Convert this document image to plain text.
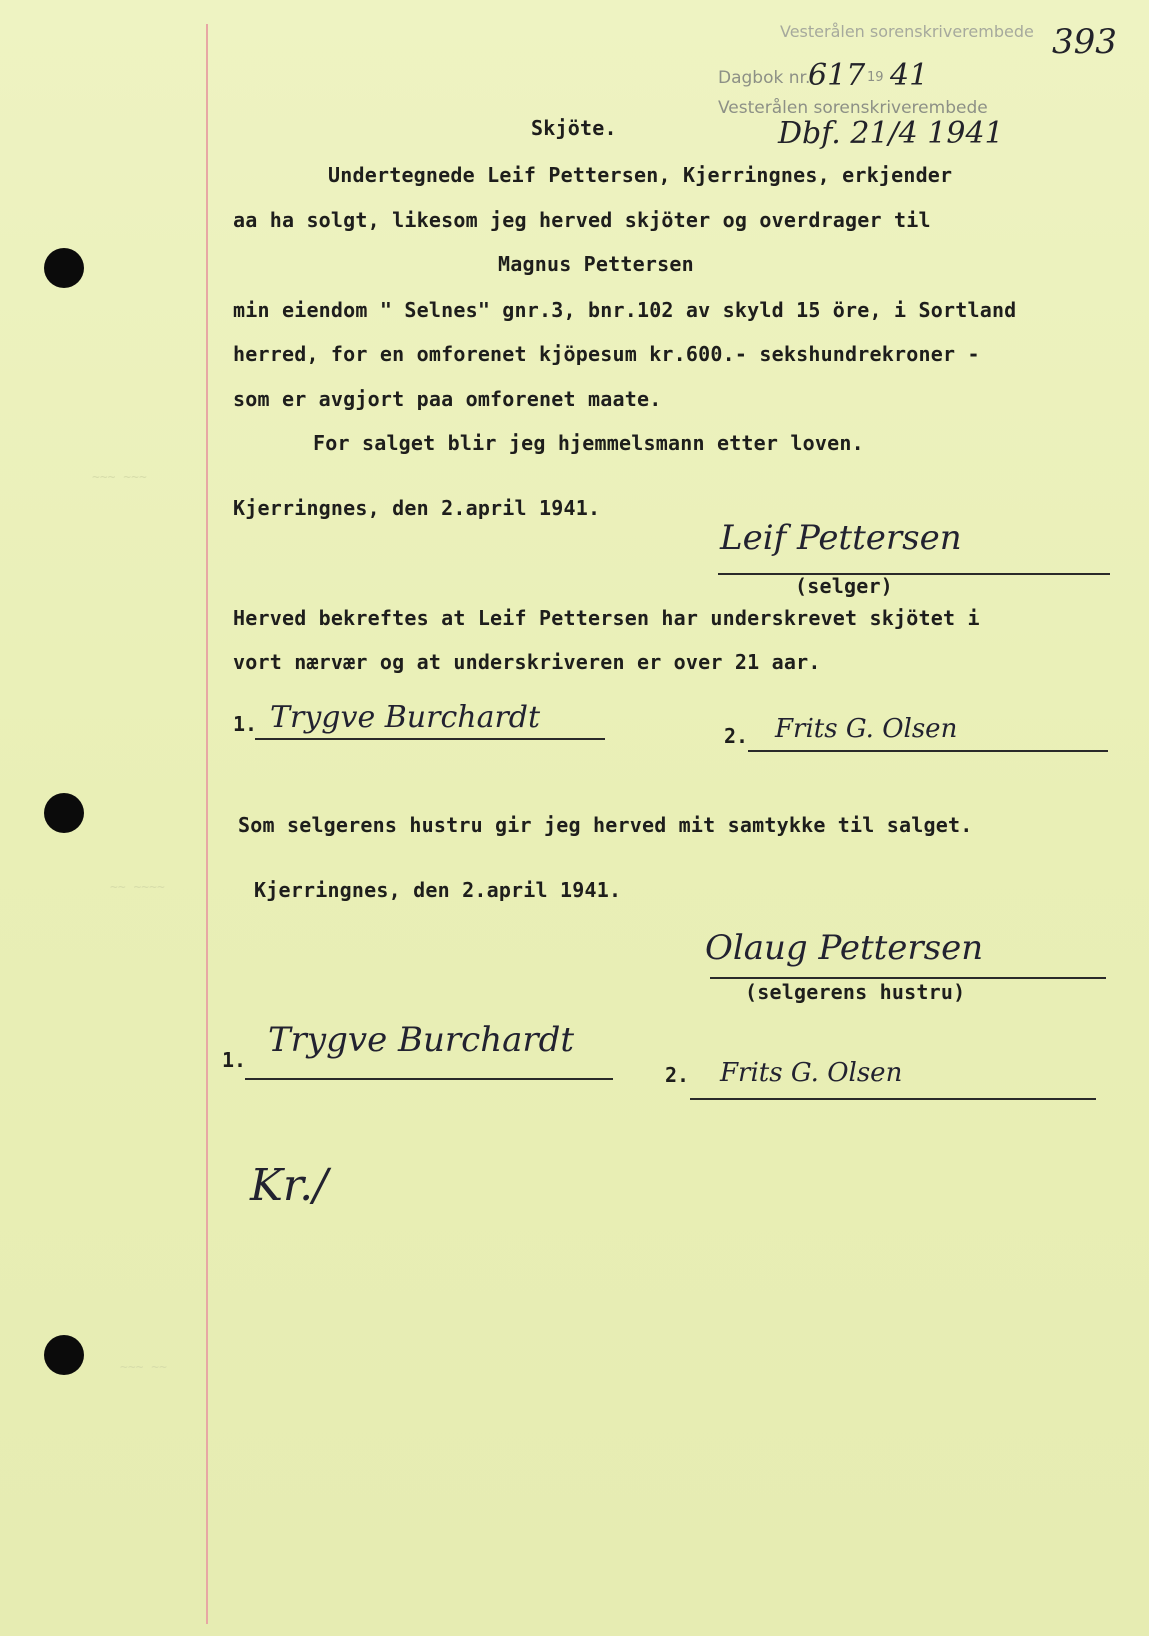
~~~ ~~~
~~ ~~~~
~~~ ~~
Vesterålen sorenskriverembede 393
Dagbok nr.
617 19 41
Vesterålen sorenskriverembede
Dbf. 21/4 1941
Skjöte.
Undertegnede Leif Pettersen, Kjerringnes, erkjender
aa ha solgt, likesom jeg herved skjöter og overdrager til
Magnus Pettersen
min eiendom " Selnes" gnr.3, bnr.102 av skyld 15 öre, i Sortland
herred, for en omforenet kjöpesum kr.600.- sekshundrekroner -
som er avgjort paa omforenet maate.
For salget blir jeg hjemmelsmann etter loven.
Kjerringnes, den 2.april 1941.
Leif Pettersen
(selger)
Herved bekreftes at Leif Pettersen har underskrevet skjötet i
vort nærvær og at underskriveren er over 21 aar.
1. Trygve Burchardt
2. Frits G. Olsen
Som selgerens hustru gir jeg herved mit samtykke til salget.
Kjerringnes, den 2.april 1941.
Olaug Pettersen
(selgerens hustru)
1. Trygve Burchardt
2. Frits G. Olsen
Kr./
